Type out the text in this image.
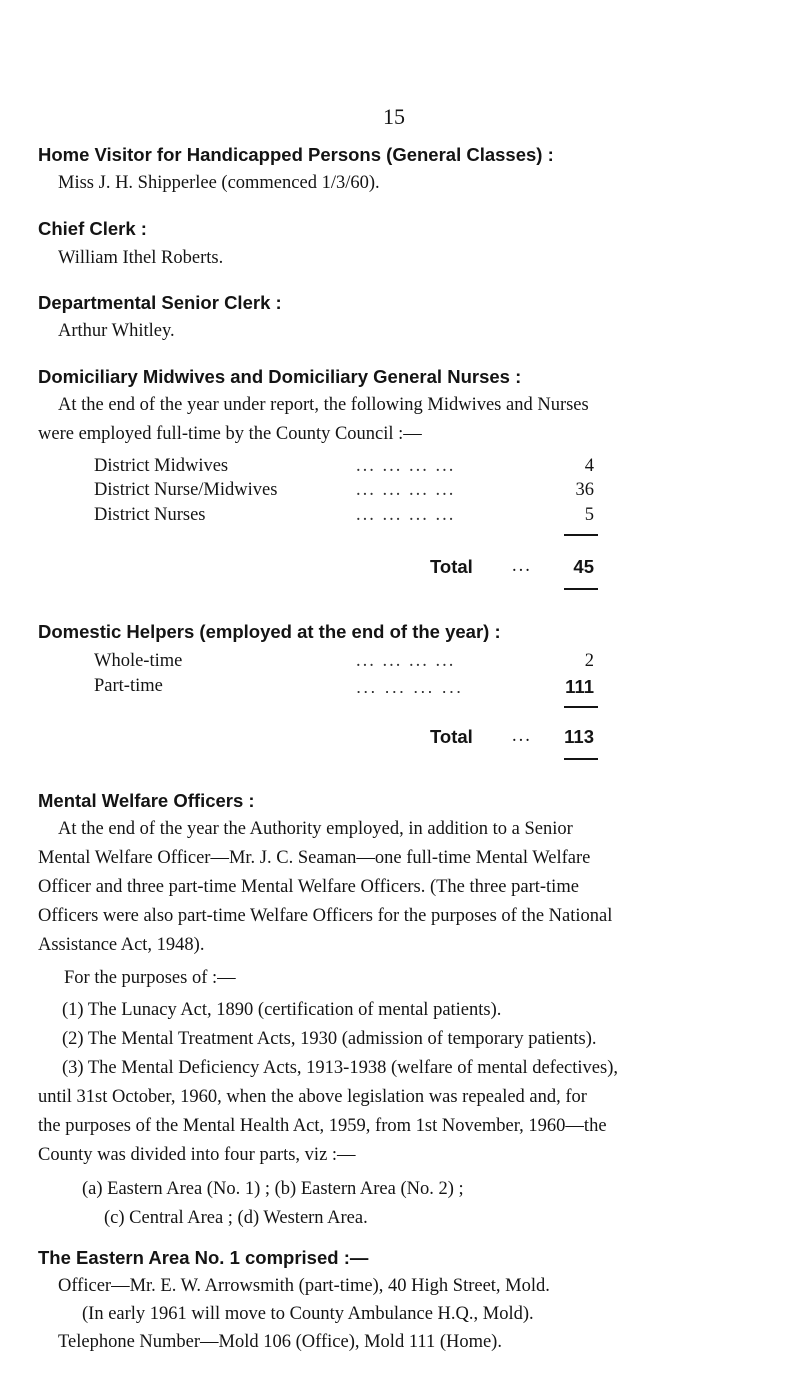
15
Home Visitor for Handicapped Persons (General Classes) :
Miss J. H. Shipperlee (commenced 1/3/60).
Chief Clerk :
William Ithel Roberts.
Departmental Senior Clerk :
Arthur Whitley.
Domiciliary Midwives and Domiciliary General Nurses :
At the end of the year under report, the following Midwives and Nurses
were employed full-time by the County Council :—
District Midwives	... ... ... ...	4
District Nurse/Midwives	... ... ... ...	36
District Nurses	... ... ... ...	5
Total ... 45
Domestic Helpers (employed at the end of the year) :
Whole-time	... ... ... ...	2
Part-time	... ... ... ...	111
Total ... 113
Mental Welfare Officers :
At the end of the year the Authority employed, in addition to a Senior
Mental Welfare Officer—Mr. J. C. Seaman—one full-time Mental Welfare
Officer and three part-time Mental Welfare Officers. (The three part-time
Officers were also part-time Welfare Officers for the purposes of the National
Assistance Act, 1948).
For the purposes of :—
(1) The Lunacy Act, 1890 (certification of mental patients).
(2) The Mental Treatment Acts, 1930 (admission of temporary patients).
(3) The Mental Deficiency Acts, 1913-1938 (welfare of mental defectives),
until 31st October, 1960, when the above legislation was repealed and, for
the purposes of the Mental Health Act, 1959, from 1st November, 1960—the
County was divided into four parts, viz :—
(a) Eastern Area (No. 1) ; (b) Eastern Area (No. 2) ;
(c) Central Area ; (d) Western Area.
The Eastern Area No. 1 comprised :—
Officer—Mr. E. W. Arrowsmith (part-time), 40 High Street, Mold.
(In early 1961 will move to County Ambulance H.Q., Mold).
Telephone Number—Mold 106 (Office), Mold 111 (Home).
